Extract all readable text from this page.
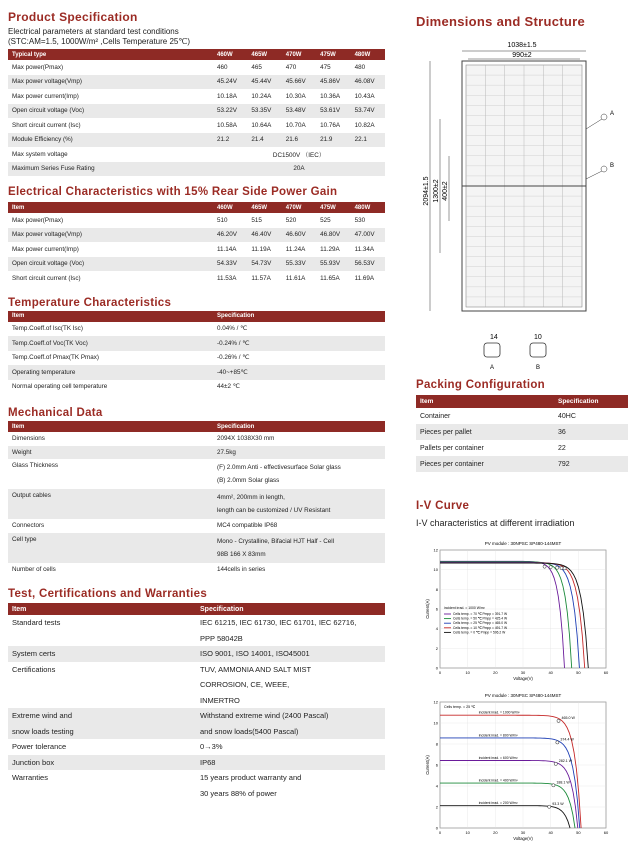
Product Specification
Electrical parameters at standard test conditions
(STC:AM=1.5, 1000W/m² ,Cells Temperature 25℃)
Typical type	460W	465W	470W	475W	480W
Max power(Pmax)	460	465	470	475	480
Max power voltage(Vmp)	45.24V	45.44V	45.66V	45.86V	46.08V
Max power current(Imp)	10.18A	10.24A	10.30A	10.36A	10.43A
Open circuit voltage (Voc)	53.22V	53.35V	53.48V	53.61V	53.74V
Short circuit current (Isc)	10.58A	10.64A	10.70A	10.76A	10.82A
Module Efficiency (%)	21.2	21.4	21.6	21.9	22.1
Max system voltage	DC1500V （IEC）				
Maximum Series Fuse Rating	20A				
Electrical Characteristics with 15% Rear Side Power Gain
Item	460W	465W	470W	475W	480W
Max power(Pmax)	510	515	520	525	530
Max power voltage(Vmp)	46.20V	46.40V	46.60V	46.80V	47.00V
Max power current(Imp)	11.14A	11.19A	11.24A	11.29A	11.34A
Open circuit voltage (Voc)	54.33V	54.73V	55.33V	55.93V	56.53V
Short circuit current (Isc)	11.53A	11.57A	11.61A	11.65A	11.69A
Temperature Characteristics
Item	Specification
Temp.Coeff.of Isc(TK Isc)	0.04% / ℃
Temp.Coeff.of Voc(TK Voc)	-0.24% / ℃
Temp.Coeff.of Pmax(TK Pmax)	-0.26% / ℃
Operating temperature	-40~+85℃
Normal operating cell temperature	44±2 ℃
Mechanical Data
Item	Specification
Dimensions	2094X 1038X30 mm
Weight	27.5kg
Glass Thickness	(F) 2.0mm Anti - effectivesurface Solar glass
(B) 2.0mm Solar glass

Output cables	4mm², 200mm in length,
length can be customized / UV Resistant

Connectors	MC4 compatible IP68
Cell type	Mono - Crystalline, Bifacial HJT Half - Cell
98B 166 X 83mm

Number of cells	144cells in series
Test, Certifications and Warranties
Item	Specification
Standard tests	IEC 61215, IEC 61730, IEC 61701, IEC 62716,
	PPP 58042B
System certs	ISO 9001, ISO 14001, ISO45001
Certifications	TUV, AMMONIA AND SALT MIST
	CORROSION, CE, WEEE,
	INMERTRO
Extreme wind and	Withstand extreme wind (2400 Pascal)
snow loads testing	and snow loads(5400 Pascal)
Power tolerance	0→3%
Junction box	IP68
Warranties	15 years product warranty and
	30 years 88% of power
Dimensions and Structure
1038±1.5
990±2
2094±1.5 1300±2 400±2
A
B
14
A
10
B
Packing Configuration
Item	Specification
Container	40HC
Pieces per pallet	36
Pallets per container	22
Pieces per container	792
I-V Curve
I-V characteristics at different irradiation
PV module : 30NPSC SP480-144MST
0	10	20	30	40	50	60
0
2
4
6
8
10
12
Voltage(V)
Current(A)	incident irrad. = 1000 W/m²
Cells temp. = 70 ℃ Pmpp = 391.7 W
Cells temp. = 50 ℃ Pmpp = 425.4 W
Cells temp. = 25 ℃ Pmpp = 465.0 W
Cells temp. = 10 ℃ Pmpp = 491.7 W
Cells temp. = 0 ℃ Pmpp = 506.2 W
PV module : 30NPSC SP480-144MST
0	10	20	30	40	50	60
0
2
4
6
8
10
12
Voltage(V)
Current(A)
465.0 W
374.4 W
282.1 W
188.1 W
93.3 W
Cells temp. = 25 ℃
incident irrad. = 1000 W/m²
incident irrad. = 800 W/m²
incident irrad. = 600 W/m²
incident irrad. = 400 W/m²
incident irrad. = 200 W/m²
